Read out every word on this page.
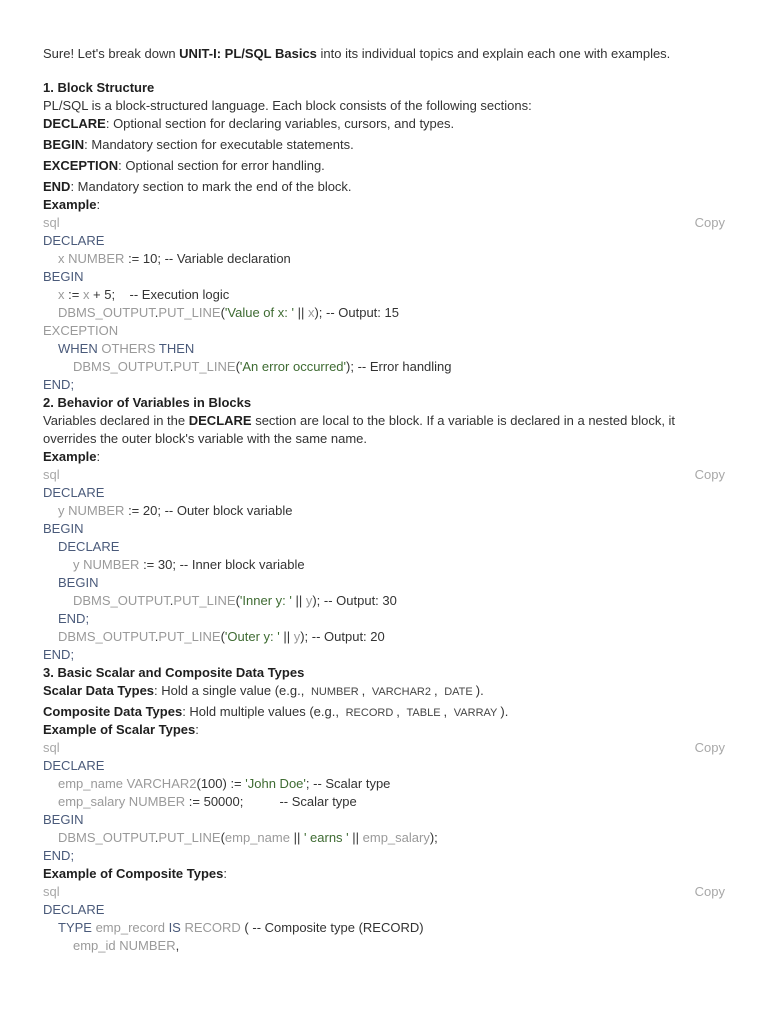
Sure! Let's break down UNIT-I: PL/SQL Basics into its individual topics and explain each one with examples.
1. Block Structure
PL/SQL is a block-structured language. Each block consists of the following sections:
DECLARE: Optional section for declaring variables, cursors, and types.
BEGIN: Mandatory section for executable statements.
EXCEPTION: Optional section for error handling.
END: Mandatory section to mark the end of the block.
Example:
sql	Copy
DECLARE
x NUMBER := 10; -- Variable declaration
BEGIN
x := x + 5;    -- Execution logic
DBMS_OUTPUT.PUT_LINE('Value of x: ' || x); -- Output: 15
EXCEPTION
WHEN OTHERS THEN
DBMS_OUTPUT.PUT_LINE('An error occurred'); -- Error handling
END;
2. Behavior of Variables in Blocks
Variables declared in the DECLARE section are local to the block. If a variable is declared in a nested block, it overrides the outer block's variable with the same name.
Example:
sql	Copy
DECLARE
y NUMBER := 20; -- Outer block variable
BEGIN
DECLARE
y NUMBER := 30; -- Inner block variable
BEGIN
DBMS_OUTPUT.PUT_LINE('Inner y: ' || y); -- Output: 30
END;
DBMS_OUTPUT.PUT_LINE('Outer y: ' || y); -- Output: 20
END;
3. Basic Scalar and Composite Data Types
Scalar Data Types: Hold a single value (e.g., NUMBER , VARCHAR2 , DATE ).
Composite Data Types: Hold multiple values (e.g., RECORD , TABLE , VARRAY ).
Example of Scalar Types:
sql	Copy
DECLARE
emp_name VARCHAR2(100) := 'John Doe'; -- Scalar type
emp_salary NUMBER := 50000;          -- Scalar type
BEGIN
DBMS_OUTPUT.PUT_LINE(emp_name || ' earns ' || emp_salary);
END;
Example of Composite Types:
sql	Copy
DECLARE
TYPE emp_record IS RECORD ( -- Composite type (RECORD)
emp_id NUMBER,
